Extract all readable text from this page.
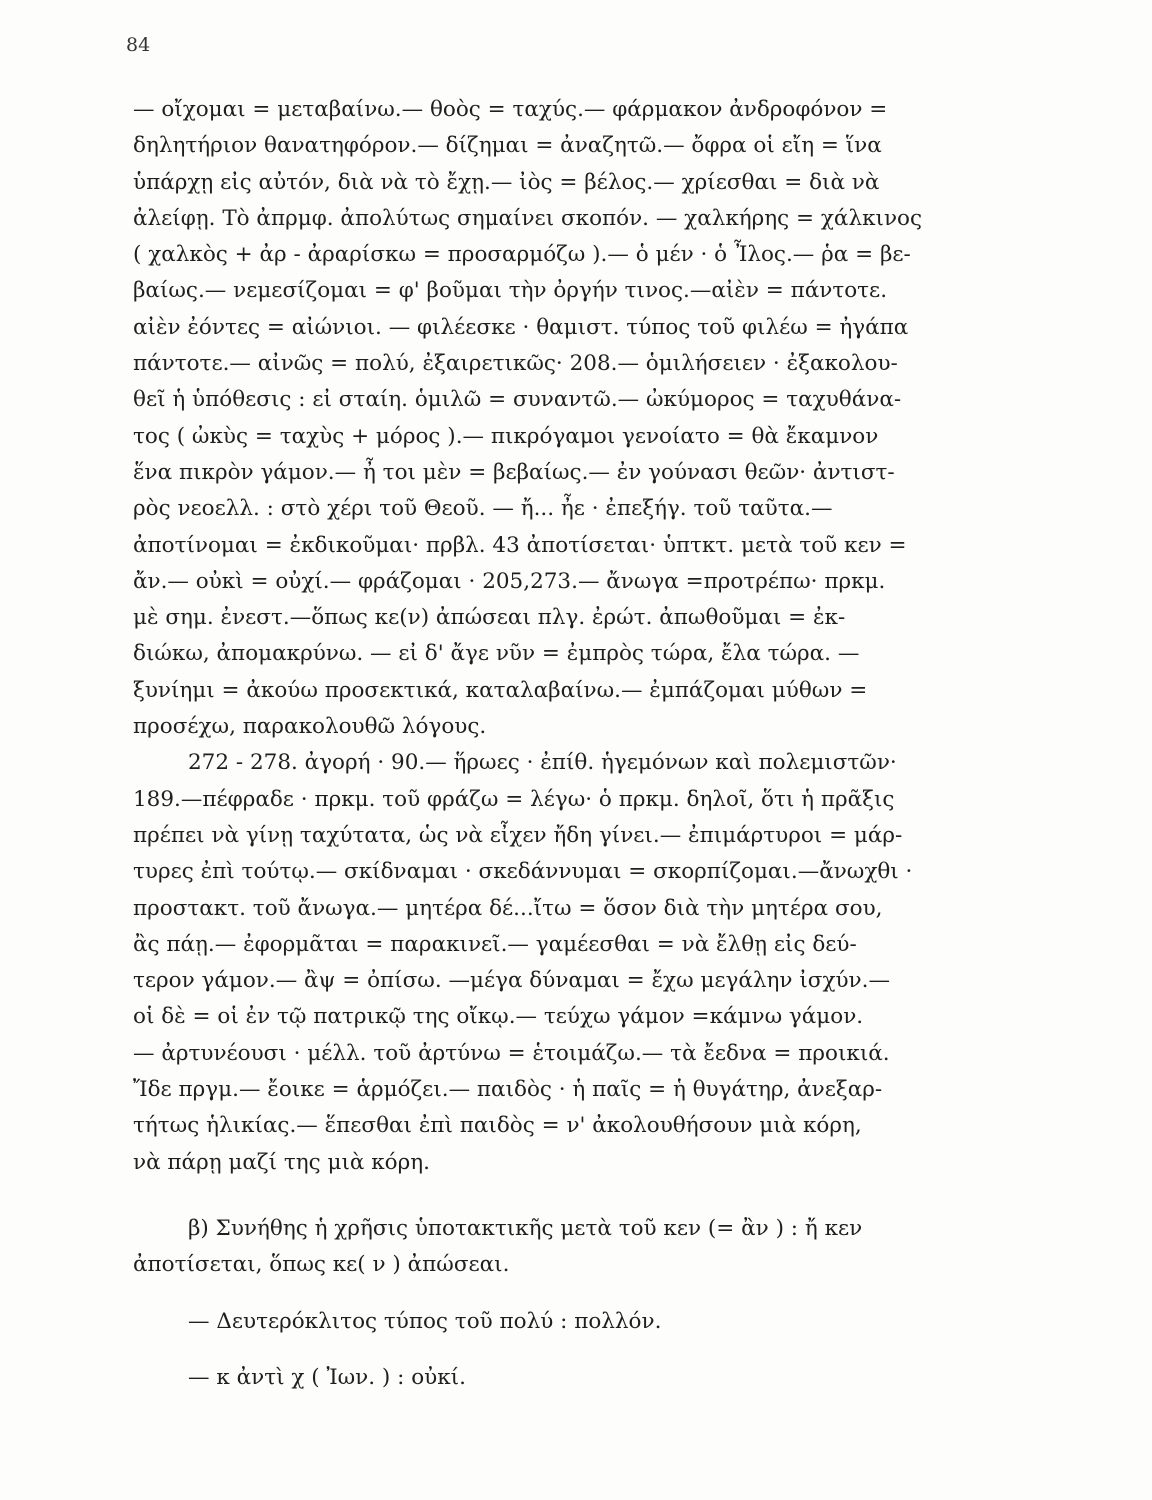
84
— οἴχομαι = μεταβαίνω.— θοὸς = ταχύς.— φάρμακον ἀνδροφόνον =
δηλητήριον θανατηφόρον.— δίζημαι = ἀναζητῶ.— ὄφρα οἱ εἴη = ἵνα
ὑπάρχῃ εἰς αὐτόν, διὰ νὰ τὸ ἔχῃ.— ἰὸς = βέλος.— χρίεσθαι = διὰ νὰ
ἀλείφῃ. Τὸ ἀπρμφ. ἀπολύτως σημαίνει σκοπόν. — χαλκήρης = χάλκινος
( χαλκὸς + ἀρ - ἀραρίσκω = προσαρμόζω ).— ὁ μέν · ὁ Ἶλος.— ῥα = βε-
βαίως.— νεμεσίζομαι = φ' βοῦμαι τὴν ὀργήν τινος.—αἰὲν = πάντοτε.
αἰὲν ἐόντες = αἰώνιοι. — φιλέεσκε · θαμιστ. τύπος τοῦ φιλέω = ἠγάπα
πάντοτε.— αἰνῶς = πολύ, ἐξαιρετικῶς· 208.— ὁμιλήσειεν · ἐξακολου-
θεῖ ἡ ὑπόθεσις : εἰ σταίη. ὁμιλῶ = συναντῶ.— ὠκύμορος = ταχυθάνα-
τος ( ὠκὺς = ταχὺς + μόρος ).— πικρόγαμοι γενοίατο = θὰ ἔκαμνον
ἕνα πικρὸν γάμον.— ἦ τοι μὲν = βεβαίως.— ἐν γούνασι θεῶν· ἀντιστ-
ρὸς νεοελλ. : στὸ χέρι τοῦ Θεοῦ. — ἤ... ἦε · ἐπεξήγ. τοῦ ταῦτα.—
ἀποτίνομαι = ἐκδικοῦμαι· πρβλ. 43 ἀποτίσεται· ὑπτκτ. μετὰ τοῦ κεν =
ἄν.— οὐκὶ = οὐχί.— φράζομαι · 205,273.— ἄνωγα =προτρέπω· πρκμ.
μὲ σημ. ἐνεστ.—ὅπως κε(ν) ἀπώσεαι πλγ. ἐρώτ. ἀπωθοῦμαι = ἐκ-
διώκω, ἀπομακρύνω. — εἰ δ' ἄγε νῦν = ἐμπρὸς τώρα, ἔλα τώρα. —
ξυνίημι = ἀκούω προσεκτικά, καταλαβαίνω.— ἐμπάζομαι μύθων =
προσέχω, παρακολουθῶ λόγους.
272 - 278. ἀγορή · 90.— ἥρωες · ἐπίθ. ἡγεμόνων καὶ πολεμιστῶν·
189.—πέφραδε · πρκμ. τοῦ φράζω = λέγω· ὁ πρκμ. δηλοῖ, ὅτι ἡ πρᾶξις
πρέπει νὰ γίνῃ ταχύτατα, ὡς νὰ εἶχεν ἤδη γίνει.— ἐπιμάρτυροι = μάρ-
τυρες ἐπὶ τούτῳ.— σκίδναμαι · σκεδάννυμαι = σκορπίζομαι.—ἄνωχθι ·
προστακτ. τοῦ ἄνωγα.— μητέρα δέ...ἴτω = ὅσον διὰ τὴν μητέρα σου,
ἂς πάῃ.— ἐφορμᾶται = παρακινεῖ.— γαμέεσθαι = νὰ ἔλθῃ εἰς δεύ-
τερον γάμον.— ἂψ = ὀπίσω. —μέγα δύναμαι = ἔχω μεγάλην ἰσχύν.—
οἱ δὲ = οἱ ἐν τῷ πατρικῷ της οἴκῳ.— τεύχω γάμον =κάμνω γάμον.
— ἀρτυνέουσι · μέλλ. τοῦ ἀρτύνω = ἑτοιμάζω.— τὰ ἔεδνα = προικιά.
Ἴδε πργμ.— ἔοικε = ἁρμόζει.— παιδὸς · ἡ παῖς = ἡ θυγάτηρ, ἀνεξαρ-
τήτως ἡλικίας.— ἕπεσθαι ἐπὶ παιδὸς = ν' ἀκολουθήσουν μιὰ κόρη,
νὰ πάρῃ μαζί της μιὰ κόρη.
β) Συνήθης ἡ χρῆσις ὑποτακτικῆς μετὰ τοῦ κεν (= ἂν ) : ἤ κεν
ἀποτίσεται, ὅπως κε( ν ) ἀπώσεαι.
— Δευτερόκλιτος τύπος τοῦ πολύ : πολλόν.
— κ ἀντὶ χ ( Ἰων. ) : οὐκί.
